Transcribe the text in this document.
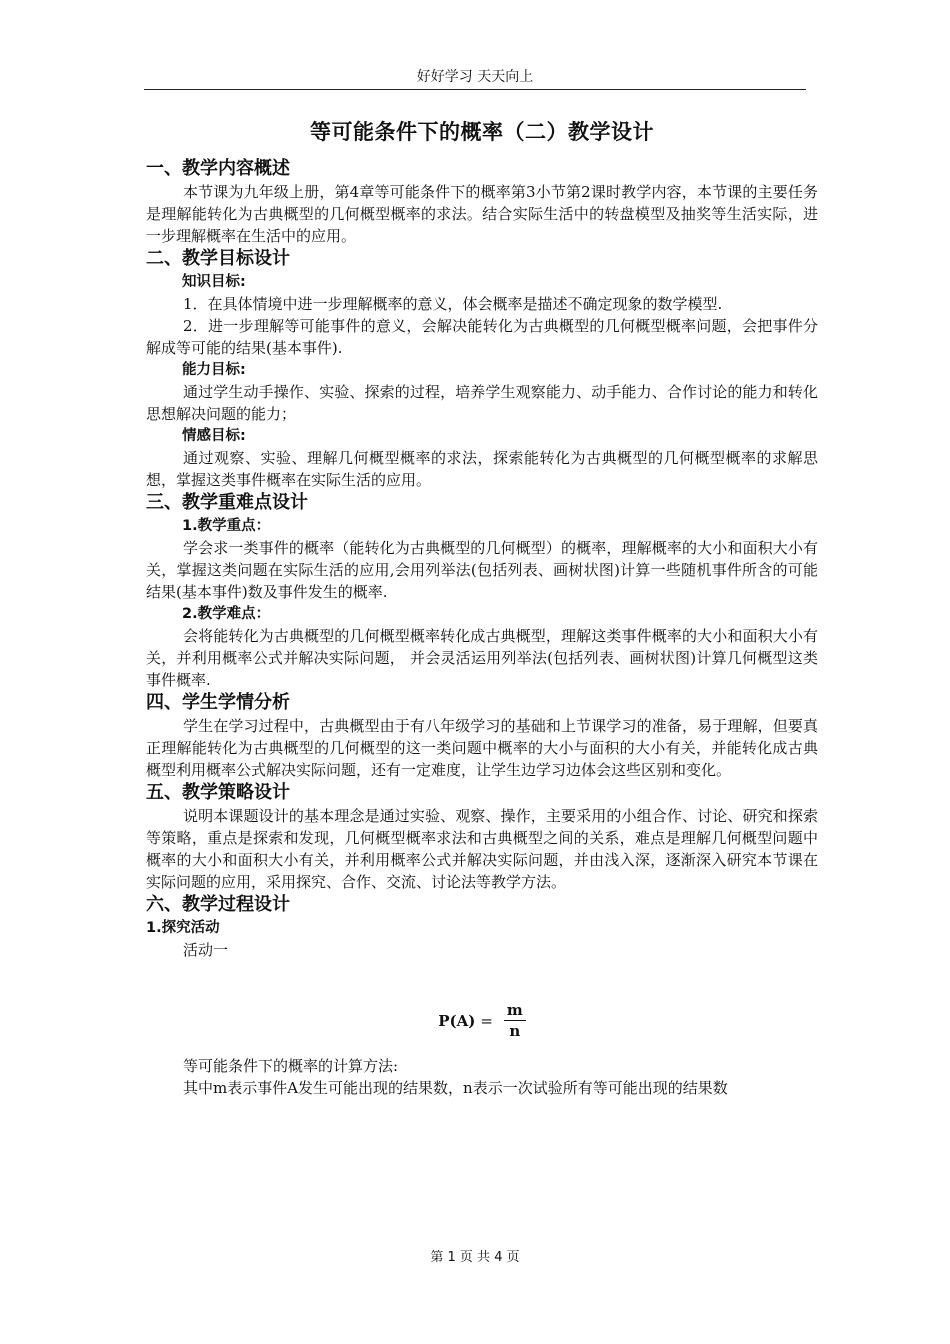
好好学习 天天向上
等可能条件下的概率（二）教学设计
一、教学内容概述

本节课为九年级上册，第4章等可能条件下的概率第3小节第2课时教学内容，本节课的主要任务是理解能转化为古典概型的几何概型概率的求法。结合实际生活中的转盘模型及抽奖等生活实际，进一步理解概率在生活中的应用。

二、教学目标设计
知识目标:

1．在具体情境中进一步理解概率的意义，体会概率是描述不确定现象的数学模型.

2．进一步理解等可能事件的意义，会解决能转化为古典概型的几何概型概率问题，会把事件分解成等可能的结果(基本事件).

能力目标:

通过学生动手操作、实验、探索的过程，培养学生观察能力、动手能力、合作讨论的能力和转化思想解决问题的能力；

情感目标:

通过观察、实验、理解几何概型概率的求法，探索能转化为古典概型的几何概型概率的求解思想，掌握这类事件概率在实际生活的应用。

三、教学重难点设计
1.教学重点：

学会求一类事件的概率（能转化为古典概型的几何概型）的概率，理解概率的大小和面积大小有关，掌握这类问题在实际生活的应用,会用列举法(包括列表、画树状图)计算一些随机事件所含的可能结果(基本事件)数及事件发生的概率.

2.教学难点：

会将能转化为古典概型的几何概型概率转化成古典概型，理解这类事件概率的大小和面积大小有关，并利用概率公式并解决实际问题， 并会灵活运用列举法(包括列表、画树状图)计算几何概型这类事件概率.

四、学生学情分析

学生在学习过程中，古典概型由于有八年级学习的基础和上节课学习的准备，易于理解，但要真正理解能转化为古典概型的几何概型的这一类问题中概率的大小与面积的大小有关，并能转化成古典概型利用概率公式解决实际问题，还有一定难度，让学生边学习边体会这些区别和变化。

五、教学策略设计

说明本课题设计的基本理念是通过实验、观察、操作，主要采用的小组合作、讨论、研究和探索等策略，重点是探索和发现，几何概型概率求法和古典概型之间的关系，难点是理解几何概型问题中概率的大小和面积大小有关，并利用概率公式并解决实际问题，并由浅入深，逐渐深入研究本节课在实际问题的应用，采用探究、合作、交流、讨论法等教学方法。

六、教学过程设计
1.探究活动

活动一

$P(A) = \frac{m}{n}$

等可能条件下的概率的计算方法:

其中m表示事件A发生可能出现的结果数，n表示一次试验所有等可能出现的结果数

第 1 页 共 4 页
